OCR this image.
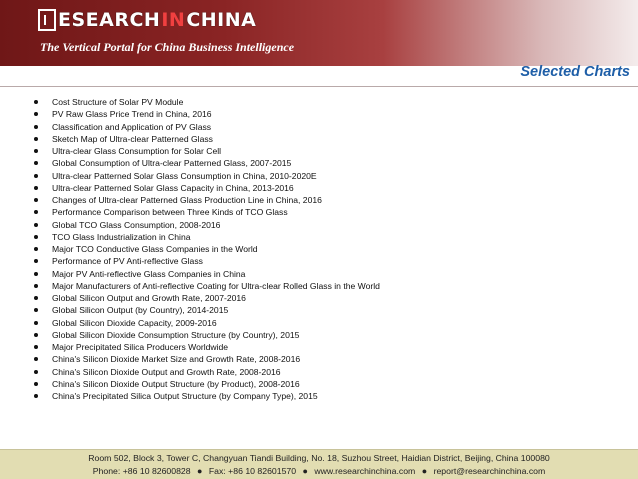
ESEARCH IN CHINA
The Vertical Portal for China Business Intelligence
Selected Charts
Cost Structure of Solar PV Module
PV Raw Glass Price Trend in China, 2016
Classification and Application of PV Glass
Sketch Map of Ultra-clear Patterned Glass
Ultra-clear Glass Consumption for Solar Cell
Global Consumption of Ultra-clear Patterned Glass, 2007-2015
Ultra-clear Patterned Solar Glass Consumption in China, 2010-2020E
Ultra-clear Patterned Solar Glass Capacity in China, 2013-2016
Changes of Ultra-clear Patterned Glass Production Line in China, 2016
Performance Comparison between Three Kinds of TCO Glass
Global TCO Glass Consumption, 2008-2016
TCO Glass Industrialization in China
Major TCO Conductive Glass Companies in the World
Performance of PV Anti-reflective Glass
Major PV Anti-reflective Glass Companies in China
Major Manufacturers of Anti-reflective Coating for Ultra-clear Rolled Glass in the World
Global Silicon Output and Growth Rate, 2007-2016
Global Silicon Output (by Country), 2014-2015
Global Silicon Dioxide Capacity, 2009-2016
Global Silicon Dioxide Consumption Structure (by Country), 2015
Major Precipitated Silica Producers Worldwide
China's Silicon Dioxide Market Size and Growth Rate, 2008-2016
China's Silicon Dioxide Output and Growth Rate, 2008-2016
China's Silicon Dioxide Output Structure (by Product), 2008-2016
China's Precipitated Silica Output Structure (by Company Type), 2015
Room 502, Block 3, Tower C, Changyuan Tiandi Building, No. 18, Suzhou Street, Haidian District, Beijing, China 100080
Phone: +86 10 82600828 ● Fax: +86 10 82601570 ● www.researchinchina.com ● report@researchinchina.com
